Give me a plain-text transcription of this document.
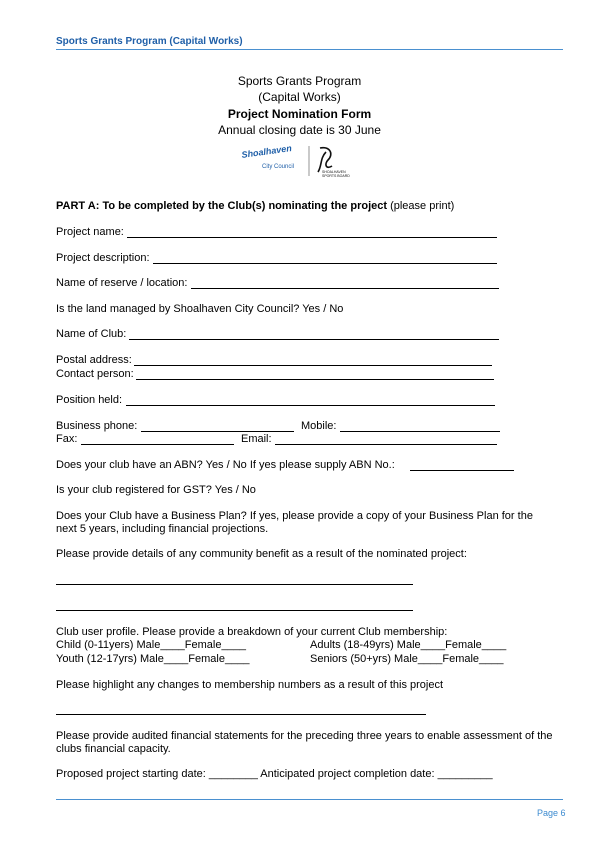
Sports Grants Program (Capital Works)
Sports Grants Program
(Capital Works)
Project Nomination Form
Annual closing date is 30 June
Shoalhaven
City Council
SHOALHAVEN
SPORTS BOARD
PART A: To be completed by the Club(s) nominating the project (please print)
Project name:
Project description:
Name of reserve / location:
Is the land managed by Shoalhaven City Council? Yes / No
Name of Club:
Postal address:
Contact person:
Position held:
Business phone:	Mobile:
Fax:	Email:
Does your club have an ABN? Yes / No If yes please supply ABN No.:
Is your club registered for GST? Yes / No
Does your Club have a Business Plan? If yes, please provide a copy of your Business Plan for the
next 5 years, including financial projections.
Please provide details of any community benefit as a result of the nominated project:
Club user profile. Please provide a breakdown of your current Club membership:
Child (0-11yers) Male____Female____	Adults (18-49yrs) Male____Female____
Youth (12-17yrs) Male____Female____	Seniors (50+yrs) Male____Female____
Please highlight any changes to membership numbers as a result of this project
Please provide audited financial statements for the preceding three years to enable assessment of the
clubs financial capacity.
Proposed project starting date: ________ Anticipated project completion date: _________
Page 6
